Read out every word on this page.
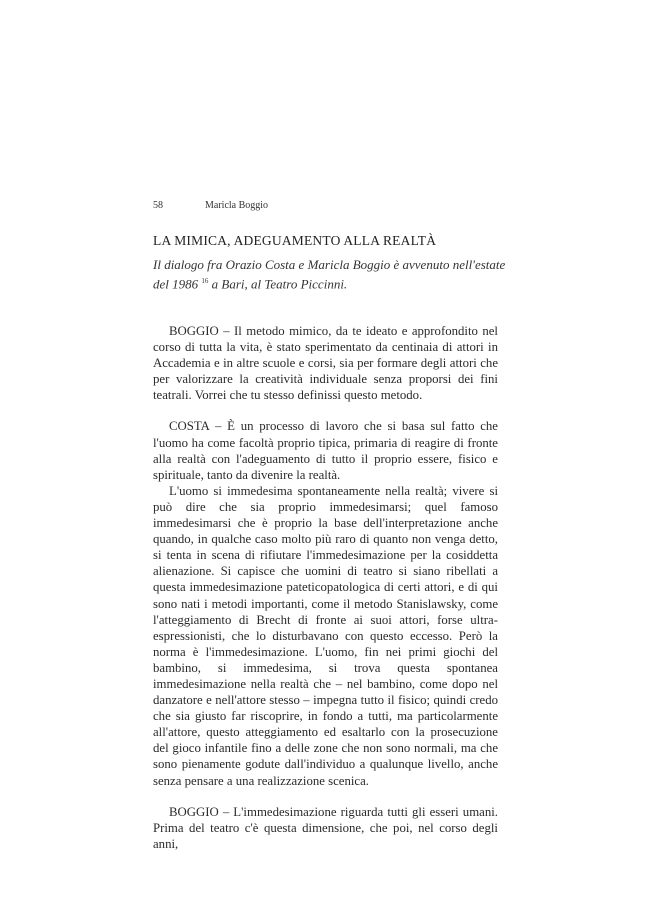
58	Maricla Boggio
LA MIMICA, ADEGUAMENTO ALLA REALTÀ

Il dialogo fra Orazio Costa e Maricla Boggio è avvenuto nell'estate del 1986 $^{16}$ a Bari, al Teatro Piccinni.

BOGGIO – Il metodo mimico, da te ideato e approfondito nel corso di tutta la vita, è stato sperimentato da centinaia di attori in Accademia e in altre scuole e corsi, sia per formare degli attori che per valorizzare la creatività individuale senza proporsi dei fini teatrali. Vorrei che tu stesso definissi questo metodo.

COSTA – È un processo di lavoro che si basa sul fatto che l'uomo ha come facoltà proprio tipica, primaria di reagire di fronte alla realtà con l'adeguamento di tutto il proprio essere, fisico e spirituale, tanto da divenire la realtà.

L'uomo si immedesima spontaneamente nella realtà; vivere si può dire che sia proprio immedesimarsi; quel famoso immedesimarsi che è proprio la base dell'interpretazione anche quando, in qualche caso molto più raro di quanto non venga detto, si tenta in scena di rifiutare l'immedesimazione per la cosiddetta alienazione. Si capisce che uomini di teatro si siano ribellati a questa immedesimazione pateticopatologica di certi attori, e di qui sono nati i metodi importanti, come il metodo Stanislawsky, come l'atteggiamento di Brecht di fronte ai suoi attori, forse ultra-espressionisti, che lo disturbavano con questo eccesso. Però la norma è l'immedesimazione. L'uomo, fin nei primi giochi del bambino, si immedesima, si trova questa spontanea immedesimazione nella realtà che – nel bambino, come dopo nel danzatore e nell'attore stesso – impegna tutto il fisico; quindi credo che sia giusto far riscoprire, in fondo a tutti, ma particolarmente all'attore, questo atteggiamento ed esaltarlo con la prosecuzione del gioco infantile fino a delle zone che non sono normali, ma che sono pienamente godute dall'individuo a qualunque livello, anche senza pensare a una realizzazione scenica.

BOGGIO – L'immedesimazione riguarda tutti gli esseri umani. Prima del teatro c'è questa dimensione, che poi, nel corso degli anni,
